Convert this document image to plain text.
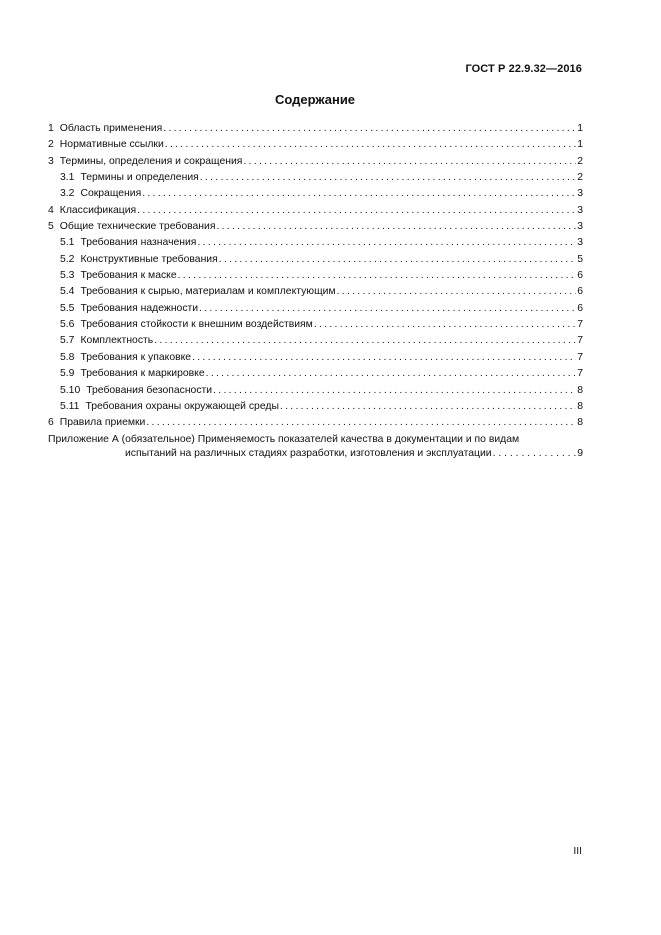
ГОСТ Р 22.9.32—2016
Содержание
1 Область применения . . .	1
2 Нормативные ссылки . . .	1
3 Термины, определения и сокращения . . .	2
3.1 Термины и определения . . .	2
3.2 Сокращения . . .	3
4 Классификация . . .	3
5 Общие технические требования . . .	3
5.1 Требования назначения . . .	3
5.2 Конструктивные требования . . .	5
5.3 Требования к маске . . .	6
5.4 Требования к сырью, материалам и комплектующим . . .	6
5.5 Требования надежности . . .	6
5.6 Требования стойкости к внешним воздействиям . . .	7
5.7 Комплектность . . .	7
5.8 Требования к упаковке . . .	7
5.9 Требования к маркировке . . .	7
5.10 Требования безопасности . . .	8
5.11 Требования охраны окружающей среды . . .	8
6 Правила приемки . . .	8
Приложение А (обязательное) Применяемость показателей качества в документации и по видам
испытаний на различных стадиях разработки, изготовления и эксплуатации . . .	9
III
